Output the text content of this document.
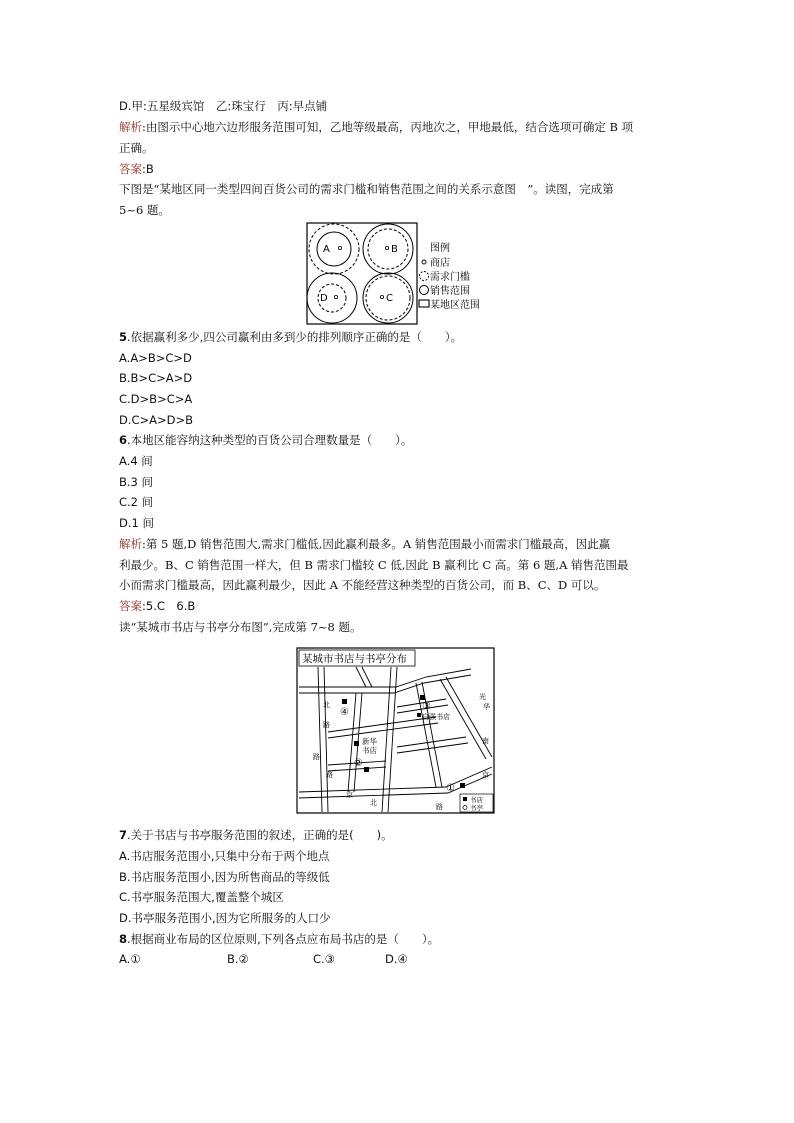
D.甲:五星级宾馆　乙:珠宝行　丙:早点铺
解析:由图示中心地六边形服务范围可知，乙地等级最高，丙地次之，甲地最低，结合选项可确定 B 项
正确。
答案:B
下图是“某地区同一类型四间百货公司的需求门槛和销售范围之间的关系示意图　”。读图，完成第
5~6 题。
A	B
D	C
图例
商店
需求门槛
销售范围
某地区范围
5.依据赢利多少,四公司赢利由多到少的排列顺序正确的是（　　）。
A.A>B>C>D
B.B>C>A>D
C.D>B>C>A
D.C>A>D>B
6.本地区能容纳这种类型的百货公司合理数量是（　　）。
A.4 间
B.3 间
C.2 间
D.1 间
解析:第 5 题,D 销售范围大,需求门槛低,因此赢利最多。A 销售范围最小而需求门槛最高，因此赢
利最少。B、C 销售范围一样大，但 B 需求门槛较 C 低,因此 B 赢利比 C 高。第 6 题,A 销售范围最
小而需求门槛最高，因此赢利最少，因此 A 不能经营这种类型的百货公司，而 B、C、D 可以。
答案:5.C　6.B
读“某城市书店与书亭分布图”,完成第 7~8 题。
某城市书店与书亭分布
④
③
②
①
新华
书店
自强书店
光
华
北
路
南
京
路
北
京
路
路
书店
书亭
7.关于书店与书亭服务范围的叙述，正确的是(　　)。
A.书店服务范围小,只集中分布于两个地点
B.书店服务范围小,因为所售商品的等级低
C.书亭服务范围大,覆盖整个城区
D.书亭服务范围小,因为它所服务的人口少
8.根据商业布局的区位原则,下列各点应布局书店的是（　　）。
A.①	B.②	C.③	D.④
